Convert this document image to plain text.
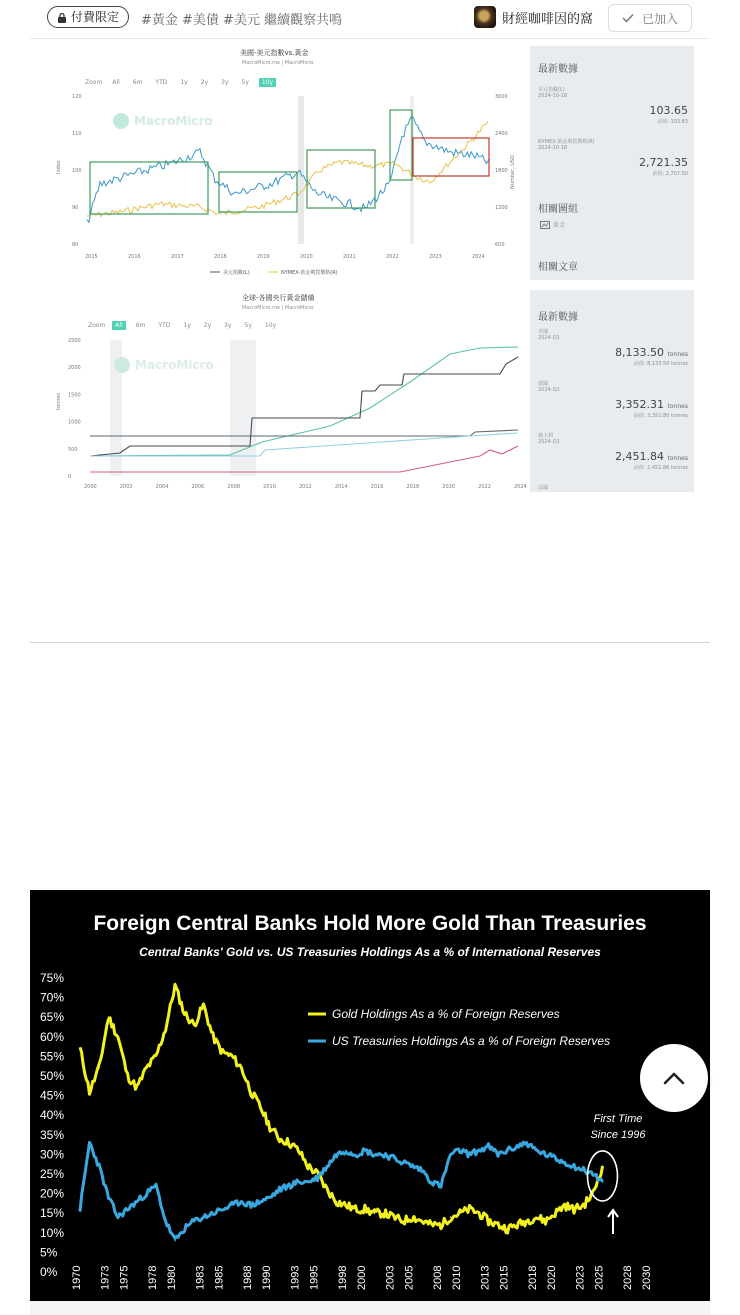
付費限定 #黃金 #美債 #美元 繼續觀察共鳴	財經咖啡因的窩	已加入
美國-美元指數vs.黃金
MacroMicro.me | MacroMicro
Zoom	All	6m	YTD	1y	2y	3y	5y	10y
MacroMicro
120
110
100
90
80
3000
2400
1800
1200
600
Index	Number, USD
2015	2016	2017	2018	2019	2020	2021	2022	2023	2024
美元指數(L)	NYMEX-黃金期貨價格(R)
最新數據
美元指數(L)
2024-10-18
103.65
前值: 103.83
NYMEX-黃金期貨價格(R)
2024-10-18
2,721.35
前值: 2,707.50
相關圖組
黃金
相關文章
全球-各國央行黃金儲備
MacroMicro.me | MacroMicro
Zoom	All	6m	YTD	1y	2y	3y	5y	10y
MacroMicro
2500
2000
1500
1000
500
0
tonnes
2000	2002	2004	2006	2008	2010	2012	2014	2016	2018	2020	2022	2024
最新數據
美國
2024-Q1
8,133.50 tonnes
前值: 8,133.50 tonnes
德國
2024-Q1
3,352.31 tonnes
前值: 3,352.80 tonnes
義大利
2024-Q1
2,451.84 tonnes
前值: 2,451.86 tonnes
法國
Foreign Central Banks Hold More Gold Than Treasuries
Central Banks' Gold vs. US Treasuries Holdings As a % of International Reserves
75%
70%
65%
60%
55%
50%
45%
40%
35%
30%
25%
20%
15%
10%
5%
0% 1970 1973 1975 1978 1980 1983 1985 1988 1990 1993 1995 1998 2000 2003 2005 2008 2010 2013 2015 2018 2020 2023 2025 2028 2030
Gold Holdings As a % of Foreign Reserves
US Treasuries Holdings As a % of Foreign Reserves
First Time
Since 1996
